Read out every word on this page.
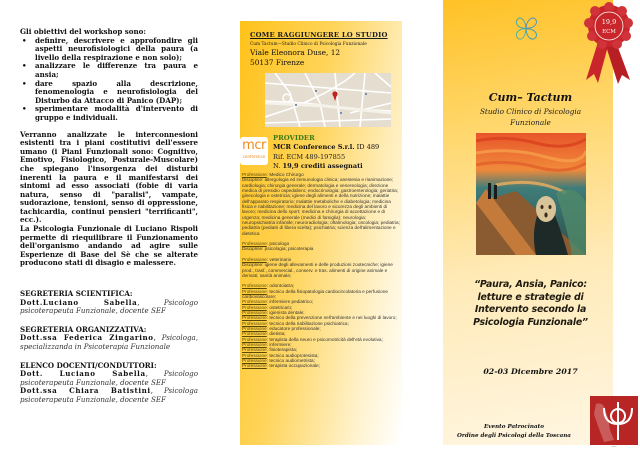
Gli obiettivi del workshop sono:
• definire, descrivere e approfondire gli aspetti neurofisiologici della paura (a livello della respirazione e non solo);
• analizzare le differenze tra paura e ansia;
• dare spazio alla descrizione, fenomenologia e neurofisiologia del Disturbo da Attacco di Panico (DAP);
• sperimentare modalità d'intervento di gruppo e individuali.

Verranno analizzate le interconnesioni esistenti tra i piani costitutivi dell'essere umano (i Piani Funzionali sono: Cognitivo, Emotivo, Fisiologico, Posturale-Muscolare) che spiegano l'insorgenza dei disturbi inerenti la paura e il manifestarsi dei sintomi ad esso associati (fobie di varia natura, senso di "paralisi", vampate, sudorazione, tensioni, senso di oppressione, tachicardia, continui pensieri "terrificanti", ecc.).

La Psicologia Funzionale di Luciano Rispoli permette di riequilibrare il Funzionamento dell'organismo andando ad agire sulle Esperienze di Base del Sè che se alterate producono stati di disagio e malessere.

SEGRETERIA SCIENTIFICA:
Dott.Luciano Sabella, Psicologo psicoterapeuta Funzionale, docente SEF
SEGRETERIA ORGANIZZATIVA:
Dott.ssa Federica Zingarino, Psicologa, specializzanda in Psicoterapia Funzionale
ELENCO DOCENTI/CONDUTTORI:
Dott. Luciano Sabella, Psicologo psicoterapeuta Funzionale, docente SEF
Dott.ssa Chiara Batistini, Psicologa psicoterapeuta Funzionale, docente SEF
COME RAGGIUNGERE LO STUDIO
Cum Tactum—Studio Clinico di Psicologia Funzionale
Viale Eleonora Duse, 12
50137 Firenze
mcr
conference
PROVIDER
MCR Conference S.r.l. ID 489
Rif. ECM 489-197855
N. 19,9 crediti assegnati
Professione: Medico Chirurgo
Discipline: allergologia ed immunologia clinica; anestesia e rianimazione; cardiologia; chirurgia generale; dermatologia e venereologia; direzione medica di presidio ospedaliero; endocrinologia; gastroenterologia; geriatria; ginecologia e ostetricia; igiene degli alimenti e della nutrizione; malattie dell'apparato respiratorio; malattie metaboliche e diabetologia; medicina fisica e riabilitazione; medicina del lavoro e sicurezza degli ambienti di lavoro; medicina dello sport; medicina e chirurgia di accettazione e di urgenza; medicina generale (medici di famiglia); neurologia; neuropsichiatria infantile; neuroradiologia; oftalmologia; oncologia; pediatria; pediatria (pediatri di libera scelta); psichiatria; scienza dell'alimentazione e dietetica
Professione: psicologo
Discipline: psicologia; psicoterapia
Professione: veterinario
Discipline: igiene degli allevamenti e delle produzioni zootecniche; igiene prod., trasf., commercial., conserv. e tras. alimenti di origine animale e derivati; sanità animale;
Professione: odontoiatra;
Professione: tecnico della fisiopatologia cardiocircolatoria e perfusione cardiovascolare;
Professione: infermiere pediatrico;
Professione: ostetrica/o;
Professione: igienista dentale;
Professione: tecnico della prevenzione nell'ambiente e nei luoghi di lavoro;
Professione: tecnico della riabilitazione psichiatrica;
Professione: educatore professionale;
Professione: dietista;
Professione: terapista della neuro e psicomotricità dell'età evolutiva;
Professione: infermiere;
Professione: fisioterapista;
Professione: tecnico audioprotesista;
Professione: tecnico audiometrista;
Professione: terapista occupazionale;
19,9
ECM
Cum– Tactum
Studio Clinico di Psicologia
Funzionale
“Paura, Ansia, Panico:
letture e strategie di
Intervento secondo la
Psicologia Funzionale”
02-03 Dicembre 2017
Evento Patrocinato
Ordine degli Psicologi della Toscana
ordine
